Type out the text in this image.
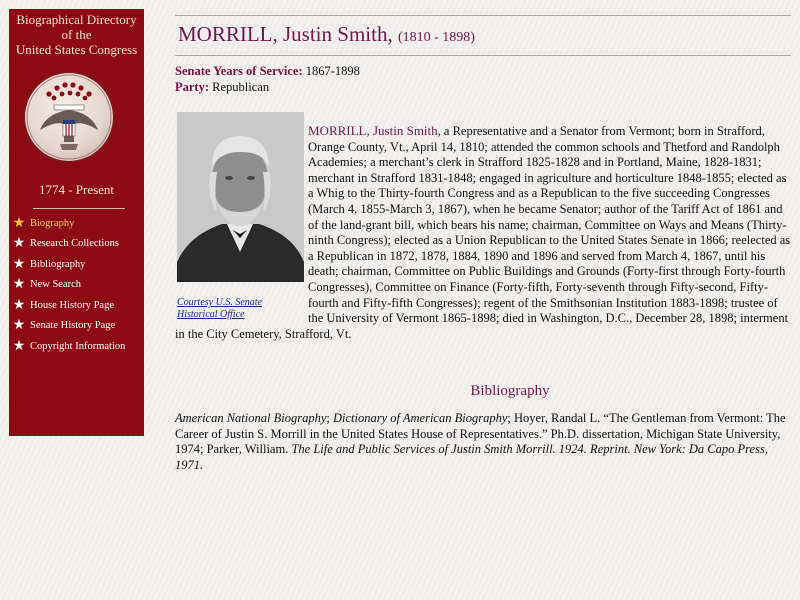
Biographical Directory
of the
United States Congress
1774 - Present
★ Biography
★ Research Collections
★ Bibliography
★ New Search
★ House History Page
★ Senate History Page
★ Copyright Information
MORRILL, Justin Smith, (1810 - 1898)
Senate Years of Service: 1867-1898
Party: Republican

MORRILL, Justin Smith, a Representative and a Senator from Vermont; born in Strafford, Orange County, Vt., April 14, 1810; attended the common schools and Thetford and Randolph Academies; a merchant’s clerk in Strafford 1825-1828 and in Portland, Maine, 1828-1831; merchant in Strafford 1831-1848; engaged in agriculture and horticulture 1848-1855; elected as a Whig to the Thirty-fourth Congress and as a Republican to the five succeeding Congresses (March 4, 1855-March 3, 1867), when he became Senator; author of the Tariff Act of 1861 and of the land-grant bill, which bears his name; chairman, Committee on Ways and Means (Thirty-ninth Congress); elected as a Union Republican to the United States Senate in 1866; reelected as a Republican in 1872, 1878, 1884, 1890 and 1896 and served from March 4, 1867, until his death; chairman, Committee on Public Buildings and Grounds (Forty-first through Forty-fourth Congresses), Committee on Finance (Forty-fifth, Forty-seventh through Fifty-second, Fifty-fourth and Fifty-fifth Congresses); regent of the Smithsonian Institution 1883-1898; trustee of the University of Vermont 1865-1898; died in Washington, D.C., December 28, 1898; interment in the City Cemetery, Strafford, Vt.

Courtesy U.S. Senate Historical Office
Bibliography

American National Biography; Dictionary of American Biography; Hoyer, Randal L. “The Gentleman from Vermont: The Career of Justin S. Morrill in the United States House of Representatives.” Ph.D. dissertation, Michigan State University, 1974; Parker, William. The Life and Public Services of Justin Smith Morrill. 1924. Reprint. New York: Da Capo Press, 1971.
